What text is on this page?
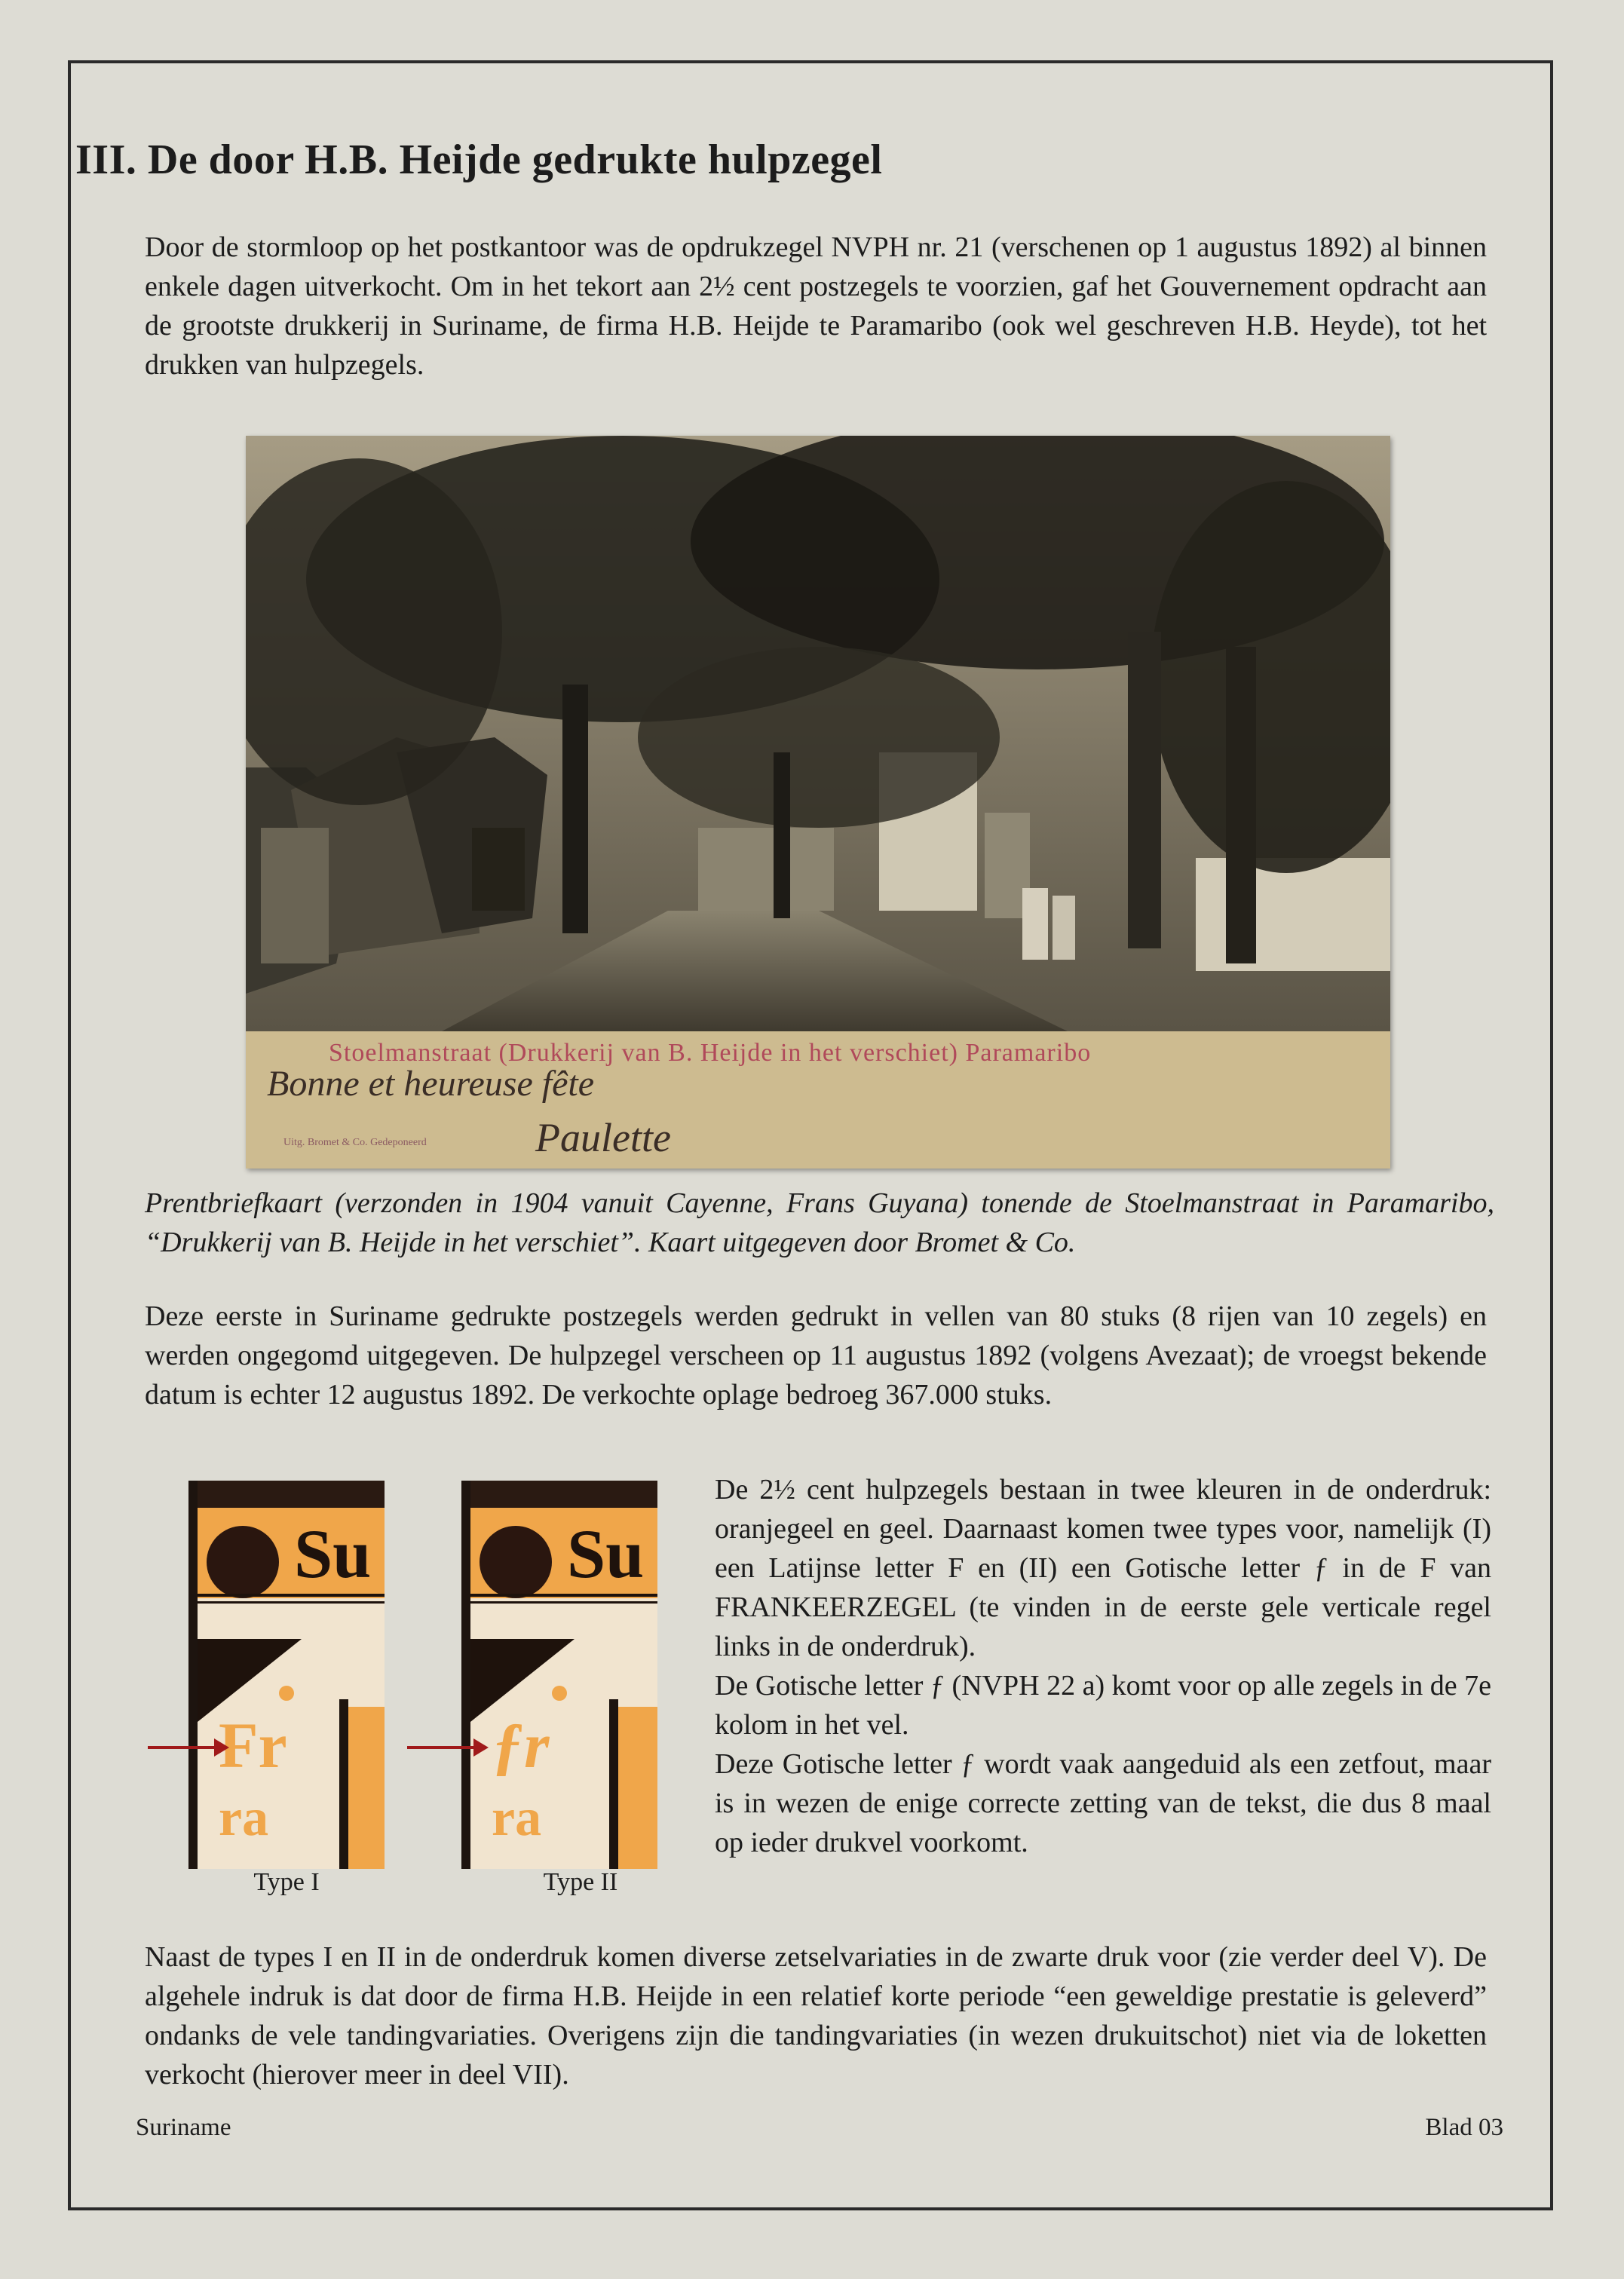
III. De door H.B. Heijde gedrukte hulpzegel
Door de stormloop op het postkantoor was de opdrukzegel NVPH nr. 21 (verschenen op 1 augustus 1892) al binnen enkele dagen uitverkocht. Om in het tekort aan 2½ cent postzegels te voorzien, gaf het Gouvernement opdracht aan de grootste drukkerij in Suriname, de firma H.B. Heijde te Paramaribo (ook wel geschreven H.B. Heyde), tot het drukken van hulpzegels.
Stoelmanstraat (Drukkerij van B. Heijde in het verschiet) Paramaribo
Bonne et heureuse fête
Uitg. Bromet & Co. Gedeponeerd	Paulette
Prentbriefkaart (verzonden in 1904 vanuit Cayenne, Frans Guyana) tonende de Stoelmanstraat in Paramaribo, “Drukkerij van B. Heijde in het verschiet”. Kaart uitgegeven door Bromet & Co.
Deze eerste in Suriname gedrukte postzegels werden gedrukt in vellen van 80 stuks (8 rijen van 10 zegels) en werden ongegomd uitgegeven. De hulpzegel verscheen op 11 augustus 1892 (volgens Avezaat); de vroegst bekende datum is echter 12 augustus 1892. De verkochte oplage bedroeg 367.000 stuks.
Su
Fr
ra
Type I
Su
ƒr
ra
Type II

De 2½ cent hulpzegels bestaan in twee kleuren in de onderdruk: oranjegeel en geel. Daarnaast komen twee types voor, namelijk (I) een Latijnse letter F en (II) een Gotische letter ƒ in de F van FRANKEERZEGEL (te vinden in de eerste gele verticale regel links in de onderdruk).

De Gotische letter ƒ (NVPH 22 a) komt voor op alle zegels in de 7e kolom in het vel.

Deze Gotische letter ƒ wordt vaak aangeduid als een zetfout, maar is in wezen de enige correcte zetting van de tekst, die dus 8 maal op ieder drukvel voorkomt.

Naast de types I en II in de onderdruk komen diverse zetselvariaties in de zwarte druk voor (zie verder deel V). De algehele indruk is dat door de firma H.B. Heijde in een relatief korte periode “een geweldige prestatie is geleverd” ondanks de vele tandingvariaties. Overigens zijn die tandingvariaties (in wezen drukuitschot) niet via de loketten verkocht (hierover meer in deel VII).
Suriname	Blad 03
